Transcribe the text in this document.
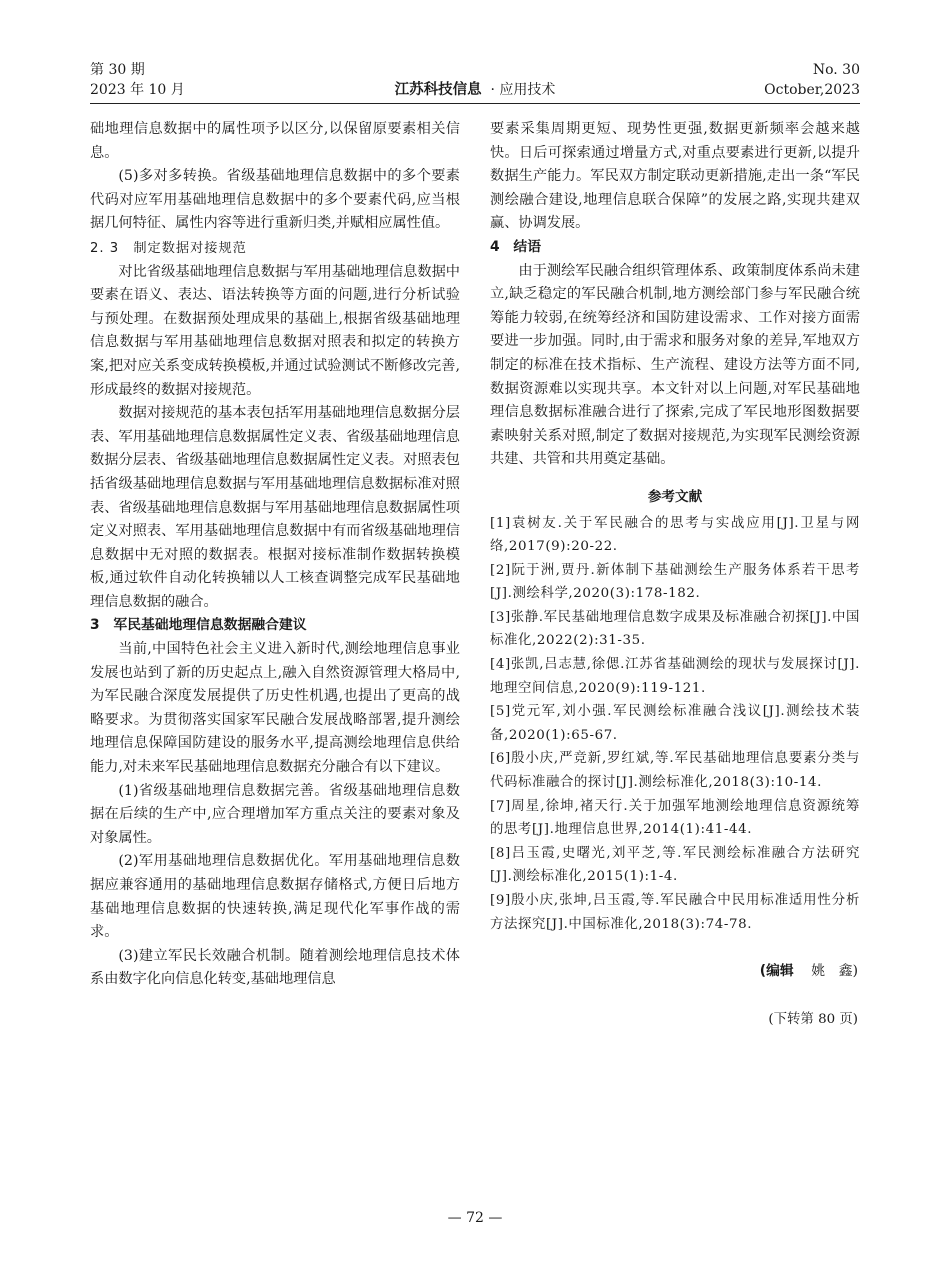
第 30 期
2023 年 10 月	江苏科技信息 · 应用技术
No. 30
October,2023

础地理信息数据中的属性项予以区分,以保留原要素相关信息。

(5)多对多转换。省级基础地理信息数据中的多个要素代码对应军用基础地理信息数据中的多个要素代码,应当根据几何特征、属性内容等进行重新归类,并赋相应属性值。

2. 3　制定数据对接规范

对比省级基础地理信息数据与军用基础地理信息数据中要素在语义、表达、语法转换等方面的问题,进行分析试验与预处理。在数据预处理成果的基础上,根据省级基础地理信息数据与军用基础地理信息数据对照表和拟定的转换方案,把对应关系变成转换模板,并通过试验测试不断修改完善,形成最终的数据对接规范。

数据对接规范的基本表包括军用基础地理信息数据分层表、军用基础地理信息数据属性定义表、省级基础地理信息数据分层表、省级基础地理信息数据属性定义表。对照表包括省级基础地理信息数据与军用基础地理信息数据标准对照表、省级基础地理信息数据与军用基础地理信息数据属性项定义对照表、军用基础地理信息数据中有而省级基础地理信息数据中无对照的数据表。根据对接标准制作数据转换模板,通过软件自动化转换辅以人工核查调整完成军民基础地理信息数据的融合。

3　军民基础地理信息数据融合建议

当前,中国特色社会主义进入新时代,测绘地理信息事业发展也站到了新的历史起点上,融入自然资源管理大格局中,为军民融合深度发展提供了历史性机遇,也提出了更高的战略要求。为贯彻落实国家军民融合发展战略部署,提升测绘地理信息保障国防建设的服务水平,提高测绘地理信息供给能力,对未来军民基础地理信息数据充分融合有以下建议。

(1)省级基础地理信息数据完善。省级基础地理信息数据在后续的生产中,应合理增加军方重点关注的要素对象及对象属性。

(2)军用基础地理信息数据优化。军用基础地理信息数据应兼容通用的基础地理信息数据存储格式,方便日后地方基础地理信息数据的快速转换,满足现代化军事作战的需求。

(3)建立军民长效融合机制。随着测绘地理信息技术体系由数字化向信息化转变,基础地理信息

要素采集周期更短、现势性更强,数据更新频率会越来越快。日后可探索通过增量方式,对重点要素进行更新,以提升数据生产能力。军民双方制定联动更新措施,走出一条“军民测绘融合建设,地理信息联合保障”的发展之路,实现共建双赢、协调发展。

4　结语

由于测绘军民融合组织管理体系、政策制度体系尚未建立,缺乏稳定的军民融合机制,地方测绘部门参与军民融合统筹能力较弱,在统筹经济和国防建设需求、工作对接方面需要进一步加强。同时,由于需求和服务对象的差异,军地双方制定的标准在技术指标、生产流程、建设方法等方面不同,数据资源难以实现共享。本文针对以上问题,对军民基础地理信息数据标准融合进行了探索,完成了军民地形图数据要素映射关系对照,制定了数据对接规范,为实现军民测绘资源共建、共管和共用奠定基础。

参考文献

[1]袁树友.关于军民融合的思考与实战应用[J].卫星与网络,2017(9):20-22.

[2]阮于洲,贾丹.新体制下基础测绘生产服务体系若干思考[J].测绘科学,2020(3):178-182.

[3]张静.军民基础地理信息数字成果及标准融合初探[J].中国标准化,2022(2):31-35.

[4]张凯,吕志慧,徐偲.江苏省基础测绘的现状与发展探讨[J].地理空间信息,2020(9):119-121.

[5]党元军,刘小强.军民测绘标准融合浅议[J].测绘技术装备,2020(1):65-67.

[6]殷小庆,严竞新,罗红斌,等.军民基础地理信息要素分类与代码标准融合的探讨[J].测绘标准化,2018(3):10-14.

[7]周星,徐坤,褚天行.关于加强军地测绘地理信息资源统筹的思考[J].地理信息世界,2014(1):41-44.

[8]吕玉霞,史曙光,刘平芝,等.军民测绘标准融合方法研究[J].测绘标准化,2015(1):1-4.

[9]殷小庆,张坤,吕玉霞,等.军民融合中民用标准适用性分析方法探究[J].中国标准化,2018(3):74-78.

(编辑 姚　鑫)
(下转第 80 页)
— 72 —
